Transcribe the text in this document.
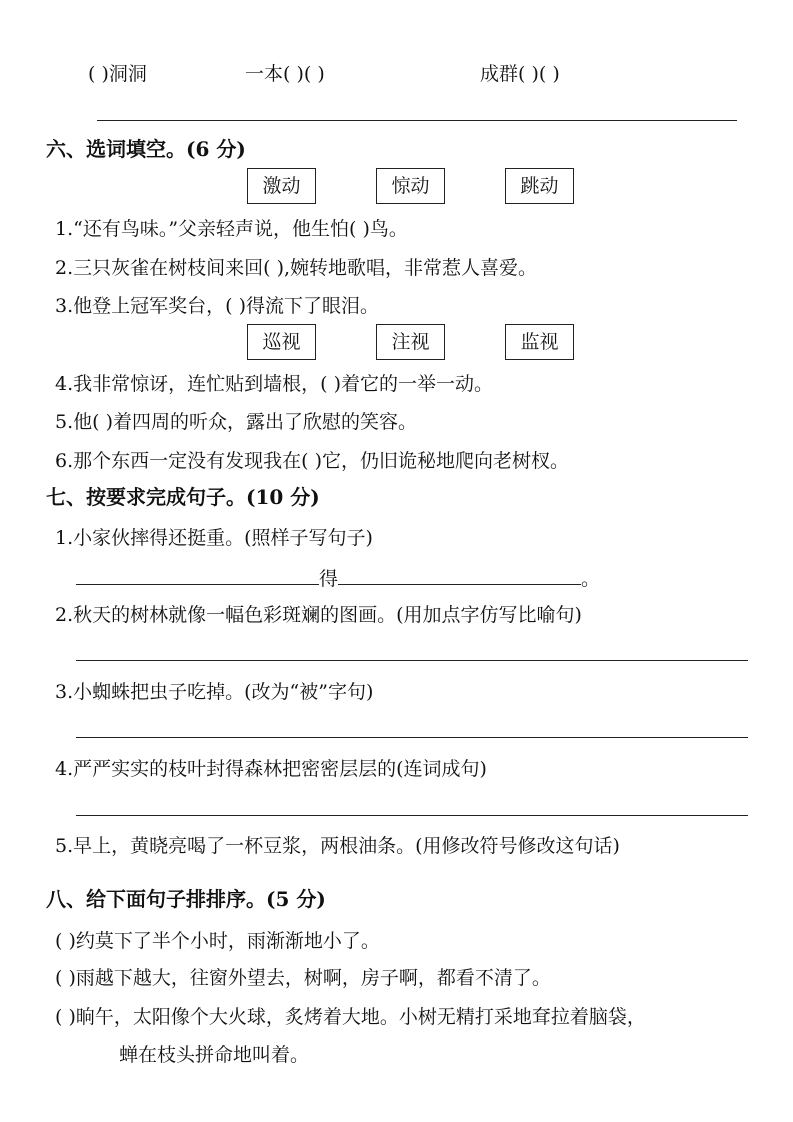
( )洞洞	一本( )( )	成群( )( )
六、选词填空。(6 分)
激动	惊动	跳动
1.“还有鸟味。”父亲轻声说，他生怕( )鸟。
2.三只灰雀在树枝间来回( ),婉转地歌唱，非常惹人喜爱。
3.他登上冠军奖台，( )得流下了眼泪。
巡视	注视	监视
4.我非常惊讶，连忙贴到墙根，( )着它的一举一动。
5.他( )着四周的听众，露出了欣慰的笑容。
6.那个东西一定没有发现我在( )它，仍旧诡秘地爬向老树杈。
七、按要求完成句子。(10 分)
1.小家伙摔得还挺重。(照样子写句子)
得	。
2.秋天的树林就像一幅色彩斑斓的图画。(用加点字仿写比喻句)
3.小蜘蛛把虫子吃掉。(改为“被”字句)
4.严严实实的枝叶封得森林把密密层层的(连词成句)
5.早上，黄晓亮喝了一杯豆浆，两根油条。(用修改符号修改这句话)
八、给下面句子排排序。(5 分)
( )约莫下了半个小时，雨渐渐地小了。
( )雨越下越大，往窗外望去，树啊，房子啊，都看不清了。
( )晌午，太阳像个大火球，炙烤着大地。小树无精打采地耷拉着脑袋，
蝉在枝头拼命地叫着。
